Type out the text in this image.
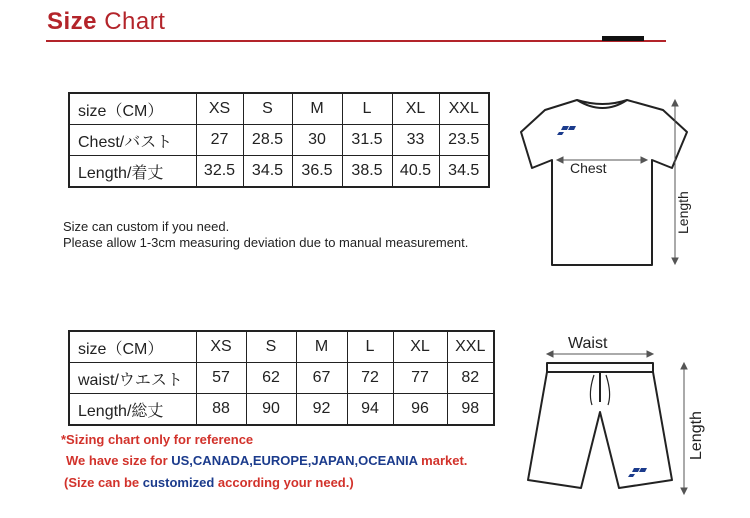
Size Chart
size（CM）	XS	S	M	L	XL	XXL
Chest/バスト	27	28.5	30	31.5	33	23.5
Length/着丈	32.5	34.5	36.5	38.5	40.5	34.5
Size can custom if you need.
Please allow 1-3cm measuring deviation due to manual measurement.
Chest
Length
size（CM）	XS	S	M	L	XL	XXL
waist/ウエスト	57	62	67	72	77	82
Length/総丈	88	90	92	94	96	98
*Sizing chart only for reference
We have size for US,CANADA,EUROPE,JAPAN,OCEANIA market.
(Size can be customized according your need.)
Waist
Length
